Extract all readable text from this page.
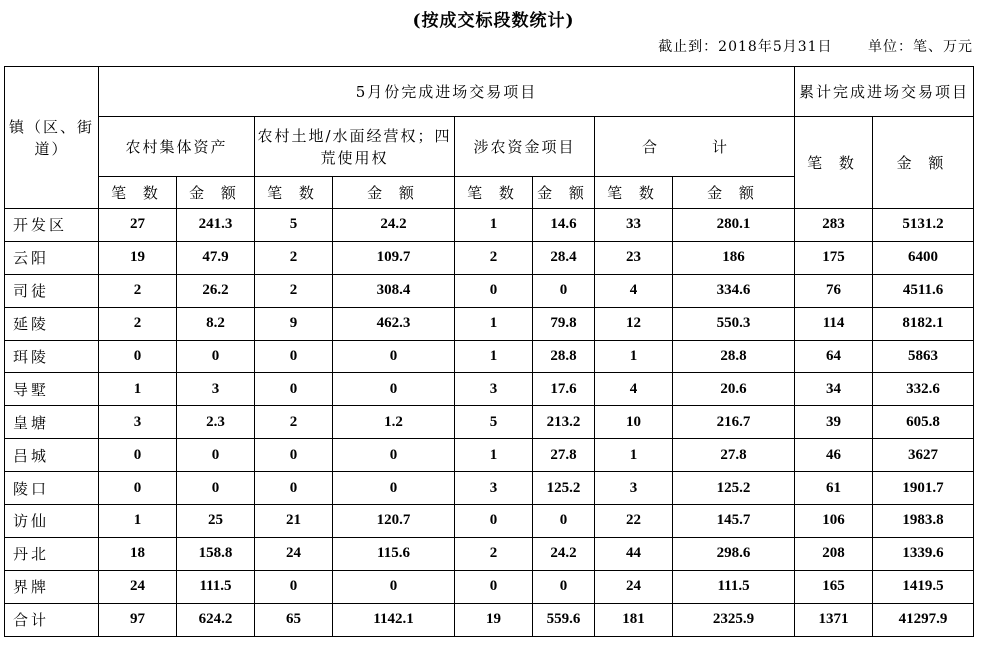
(按成交标段数统计)
截止到：2018年5月31日	单位：笔、万元
镇（区、街道）	5月份完成进场交易项目								累计完成进场交易项目	
	农村集体资产		农村土地/水面经营权；四荒使用权		涉农资金项目		合　计		笔 数	金 额
	笔 数	金 额	笔 数	金 额	笔 数	金 额	笔 数	金 额		
开发区	27	241.3	5	24.2	1	14.6	33	280.1	283	5131.2
云阳	19	47.9	2	109.7	2	28.4	23	186	175	6400
司徒	2	26.2	2	308.4	0	0	4	334.6	76	4511.6
延陵	2	8.2	9	462.3	1	79.8	12	550.3	114	8182.1
珥陵	0	0	0	0	1	28.8	1	28.8	64	5863
导墅	1	3	0	0	3	17.6	4	20.6	34	332.6
皇塘	3	2.3	2	1.2	5	213.2	10	216.7	39	605.8
吕城	0	0	0	0	1	27.8	1	27.8	46	3627
陵口	0	0	0	0	3	125.2	3	125.2	61	1901.7
访仙	1	25	21	120.7	0	0	22	145.7	106	1983.8
丹北	18	158.8	24	115.6	2	24.2	44	298.6	208	1339.6
界牌	24	111.5	0	0	0	0	24	111.5	165	1419.5
合计	97	624.2	65	1142.1	19	559.6	181	2325.9	1371	41297.9
